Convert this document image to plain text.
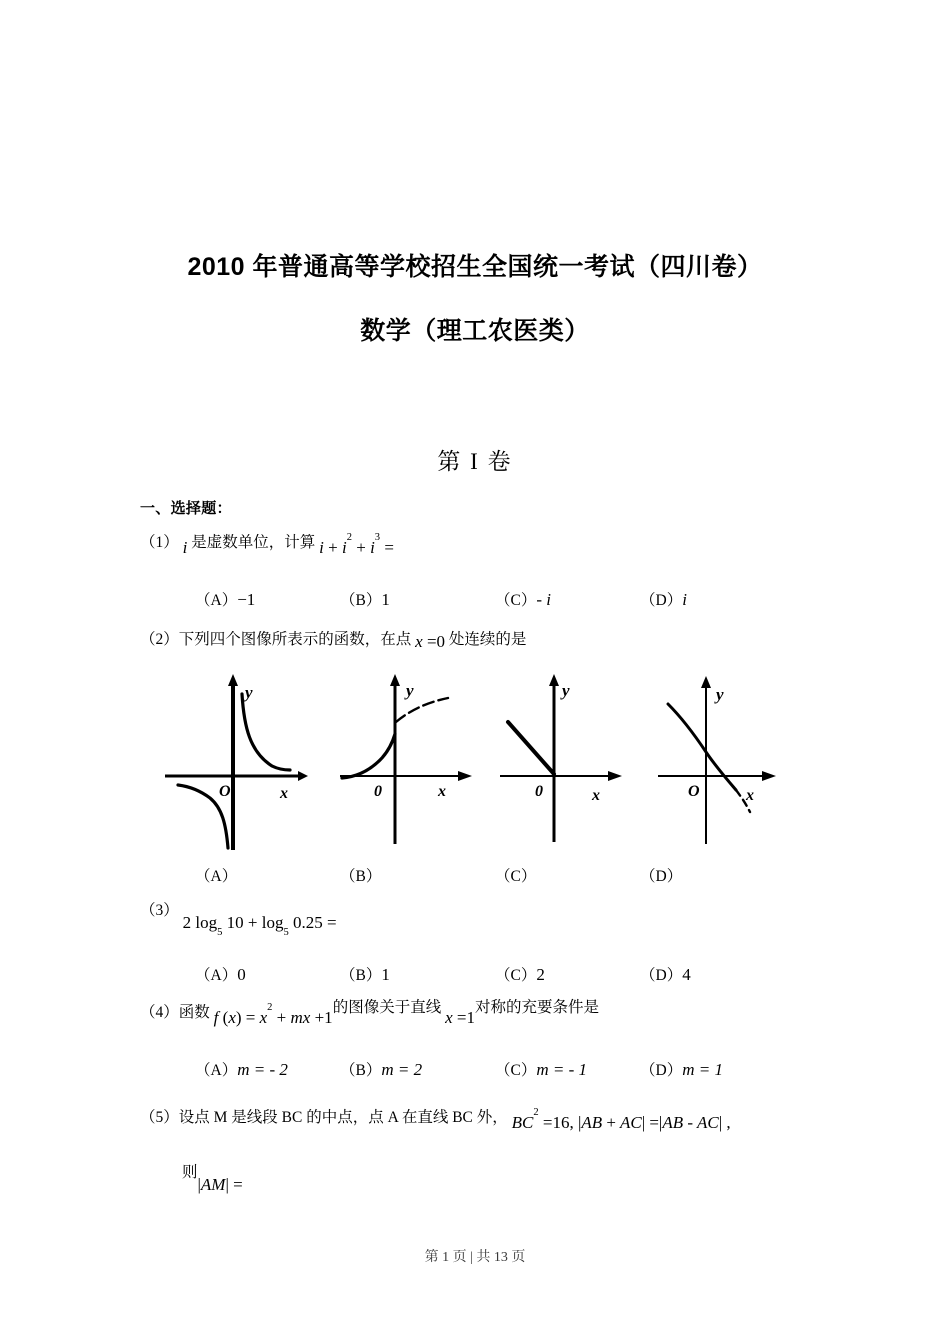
2010 年普通高等学校招生全国统一考试（四川卷）
数学（理工农医类）
第 I 卷
一、选择题：
（1） i 是虚数单位，计算 $i + i^2 + i^3$ =
（A）−1	（B）1	（C）- i	（D）i
（2）下列四个图像所表示的函数，在点 x =0 处连续的是
y
O	x
y
0	x
y
0	x
y
O	x
（A）	（B）	（C）	（D）
（3） 2 $\log_5 10 + \log_5 0.25$ =
（A）0	（B）1	（C）2	（D）4
（4）函数 f $(x) = x^2$ + mx +1的图像关于直线 x =1对称的充要条件是
（A）m = - 2	（B）m = 2	（C）m = - 1	（D）m = 1
（5）设点 M 是线段 BC 的中点，点 A 在直线 BC 外， $BC^2 =16$, |AB + AC| =|AB - AC| ,
则|AM| =
第 1 页 | 共 13 页
